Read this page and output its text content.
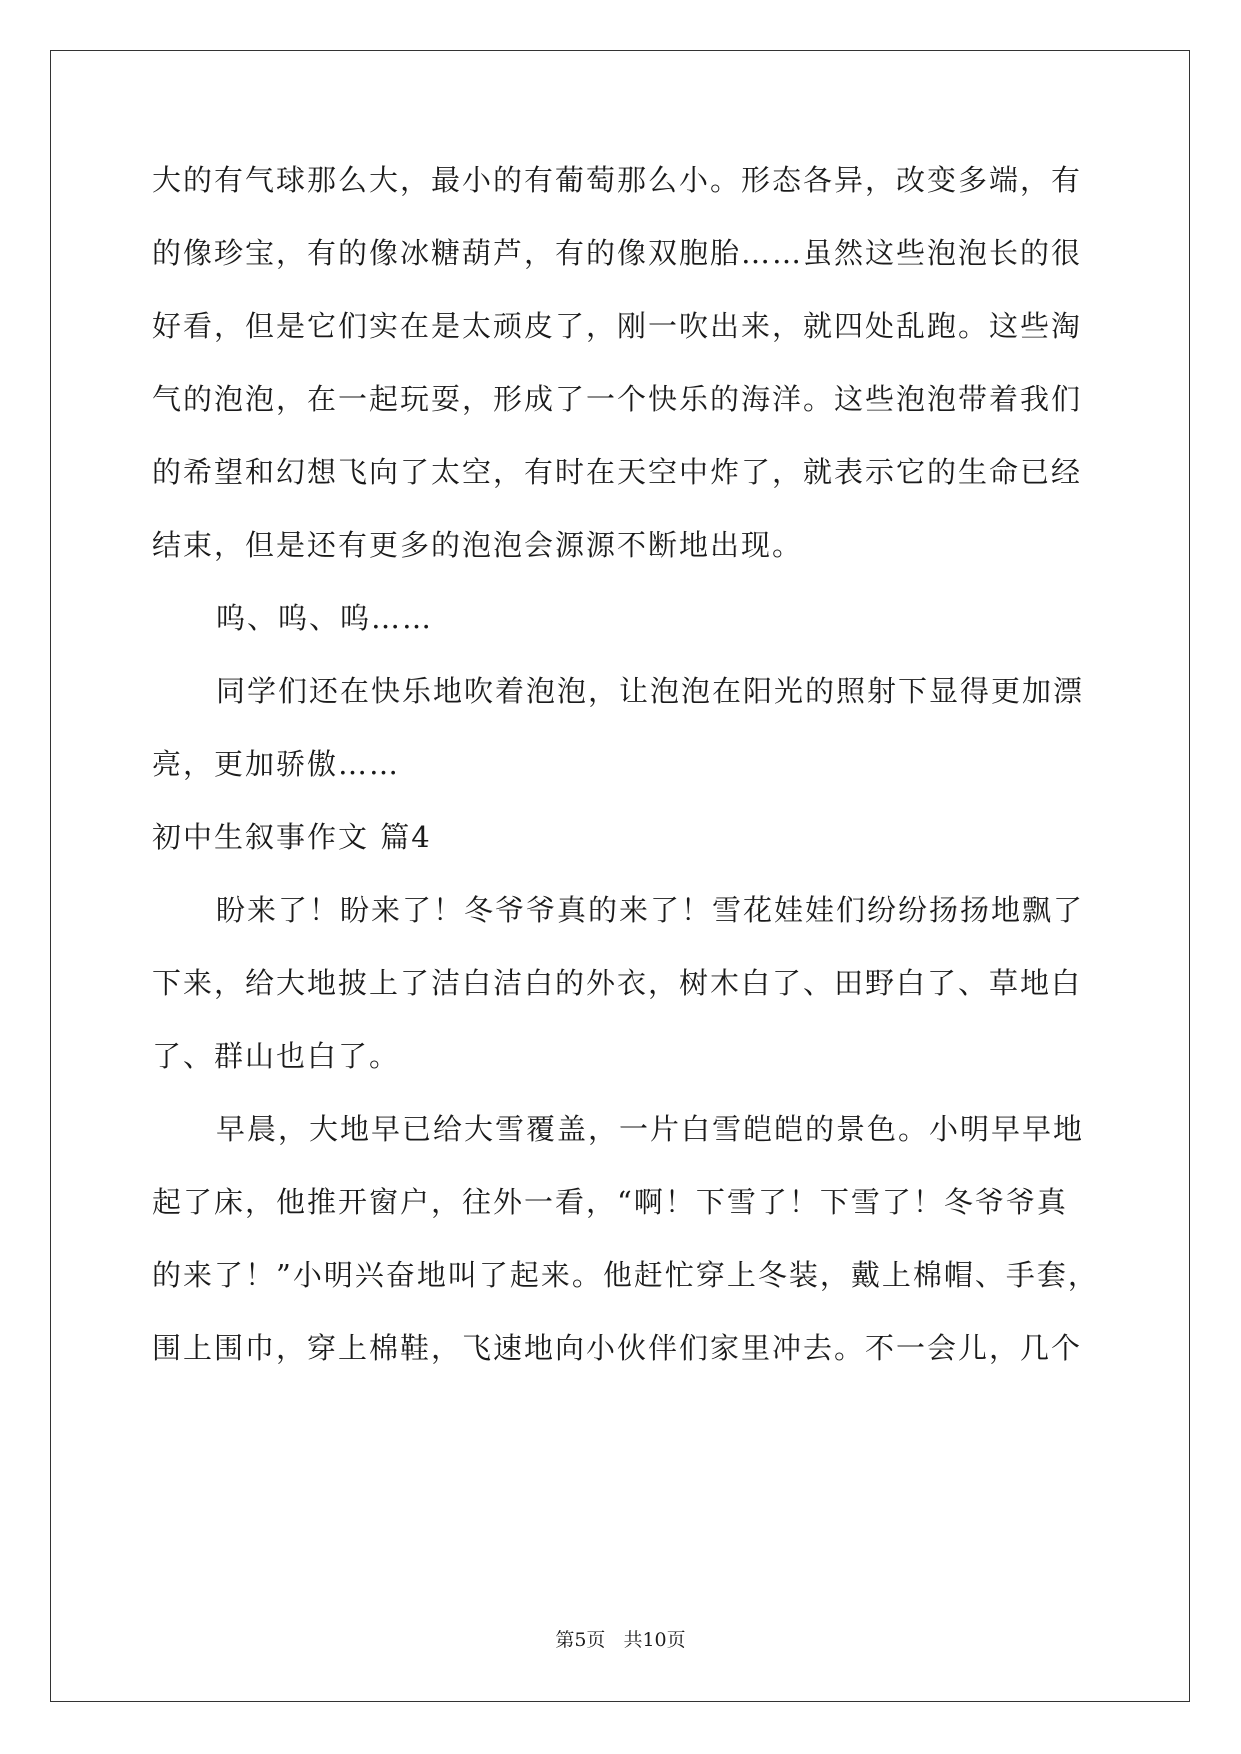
大的有气球那么大，最小的有葡萄那么小。形态各异，改变多端，有
的像珍宝，有的像冰糖葫芦，有的像双胞胎……虽然这些泡泡长的很
好看，但是它们实在是太顽皮了，刚一吹出来，就四处乱跑。这些淘
气的泡泡，在一起玩耍，形成了一个快乐的海洋。这些泡泡带着我们
的希望和幻想飞向了太空，有时在天空中炸了，就表示它的生命已经
结束，但是还有更多的泡泡会源源不断地出现。
呜、呜、呜……
同学们还在快乐地吹着泡泡，让泡泡在阳光的照射下显得更加漂
亮，更加骄傲……
初中生叙事作文 篇4
盼来了！盼来了！冬爷爷真的来了！雪花娃娃们纷纷扬扬地飘了
下来，给大地披上了洁白洁白的外衣，树木白了、田野白了、草地白
了、群山也白了。
早晨，大地早已给大雪覆盖，一片白雪皑皑的景色。小明早早地
起了床，他推开窗户，往外一看，“啊！下雪了！下雪了！冬爷爷真
的来了！”小明兴奋地叫了起来。他赶忙穿上冬装，戴上棉帽、手套，
围上围巾，穿上棉鞋，飞速地向小伙伴们家里冲去。不一会儿，几个
第5页 共10页
